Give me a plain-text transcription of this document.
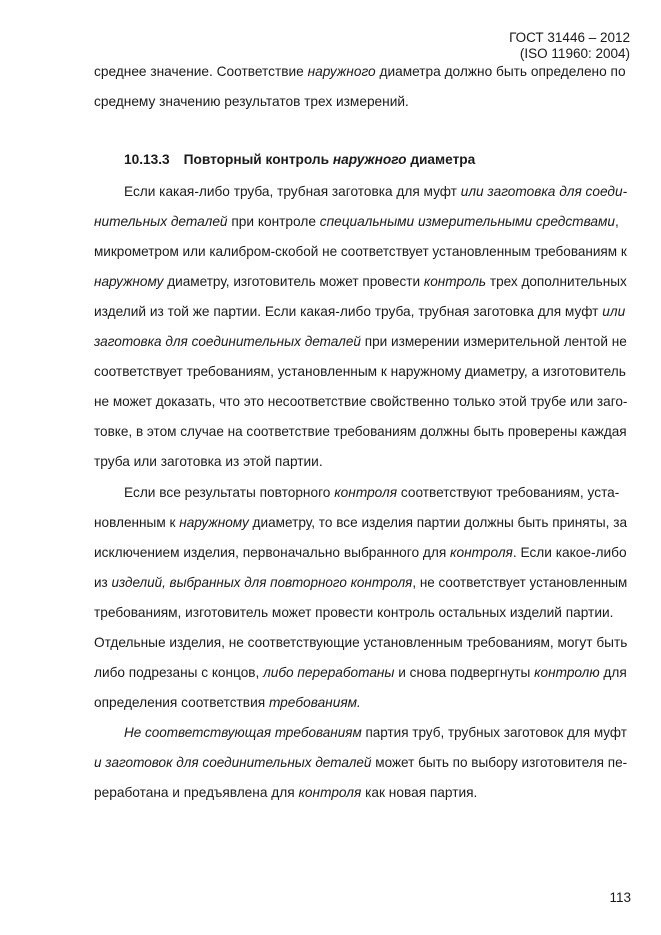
ГОСТ 31446 – 2012
(ISO 11960: 2004)
10.13.3 Повторный контроль наружного диаметра
среднее значение. Соответствие наружного диаметра должно быть определено по
среднему значению результатов трех измерений.
Если какая-либо труба, трубная заготовка для муфт или заготовка для соеди-
нительных деталей при контроле специальными измерительными средствами,
микрометром или калибром-скобой не соответствует установленным требованиям к
наружному диаметру, изготовитель может провести контроль трех дополнительных
изделий из той же партии. Если какая-либо труба, трубная заготовка для муфт или
заготовка для соединительных деталей при измерении измерительной лентой не
соответствует требованиям, установленным к наружному диаметру, а изготовитель
не может доказать, что это несоответствие свойственно только этой трубе или заго-
товке, в этом случае на соответствие требованиям должны быть проверены каждая
труба или заготовка из этой партии.
Если все результаты повторного контроля соответствуют требованиям, уста-
новленным к наружному диаметру, то все изделия партии должны быть приняты, за
исключением изделия, первоначально выбранного для контроля. Если какое-либо
из изделий, выбранных для повторного контроля, не соответствует установленным
требованиям, изготовитель может провести контроль остальных изделий партии.
Отдельные изделия, не соответствующие установленным требованиям, могут быть
либо подрезаны с концов, либо переработаны и снова подвергнуты контролю для
определения соответствия требованиям.
Не соответствующая требованиям партия труб, трубных заготовок для муфт
и заготовок для соединительных деталей может быть по выбору изготовителя пе-
реработана и предъявлена для контроля как новая партия.
113
